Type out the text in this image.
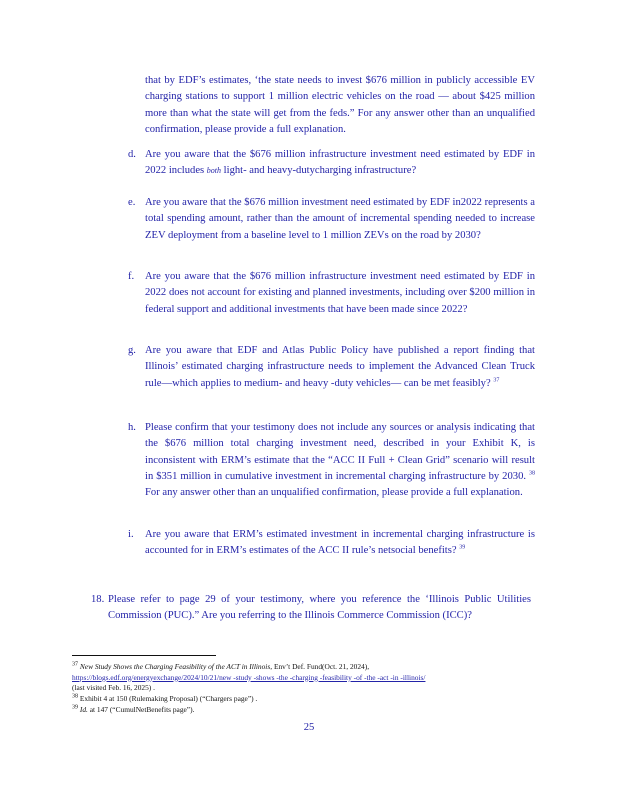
that by EDF’s estimates, ‘the state needs to invest $676 million in publicly accessible EV charging stations to support 1 million electric vehicles on the road — about $425 million more than what the state will get from the feds.” For any answer other than an unqualified confirmation, please provide a full explanation.
d. Are you aware that the $676 million infrastructure investment need estimated by EDF in 2022 includes both light- and heavy-dutycharging infrastructure?
e. Are you aware that the $676 million investment need estimated by EDF in2022 represents a total spending amount, rather than the amount of incremental spending needed to increase ZEV deployment from a baseline level to 1 million ZEVs on the road by 2030?
f.	Are you aware that the $676 million infrastructure investment need estimated by EDF in 2022 does not account for existing and planned investments, including over $200 million in federal support and additional investments that have been made since 2022?
g. Are you aware that EDF and Atlas Public Policy have published a report finding that Illinois’ estimated charging infrastructure needs to implement the Advanced Clean Truck rule—which applies to medium- and heavy -duty vehicles— can be met feasibly? $^{37}$
h. Please confirm that your testimony does not include any sources or analysis indicating that the $676 million total charging investment need, described in your Exhibit K, is inconsistent with ERM’s estimate that the “ACC II Full + Clean Grid” scenario will result in $351 million in cumulative investment in incremental charging infrastructure by 2030. $^{38}$ For any answer other than an unqualified confirmation, please provide a full explanation.
i.	Are you aware that ERM’s estimated investment in incremental charging infrastructure is accounted for in ERM’s estimates of the ACC II rule’s netsocial benefits? $^{39}$
18. Please refer to page 29 of your testimony, where you reference the ‘Illinois Public Utilities Commission (PUC).” Are you referring to the Illinois Commerce Commission (ICC)?
$^{37}$ New Study Shows the Charging Feasibility of the ACT in Illinois, Env’t Def. Fund(Oct. 21, 2024),
https://blogs.edf.org/energyexchange/2024/10/21/new -study -shows -the -charging -feasibility -of -the -act -in -illinois/
(last visited Feb. 16, 2025) .
$^{38}$ Exhibit 4 at 150 (Rulemaking Proposal) (“Chargers page”) .
$^{39}$ Id. at 147 (“CumulNetBenefits page”).
25
